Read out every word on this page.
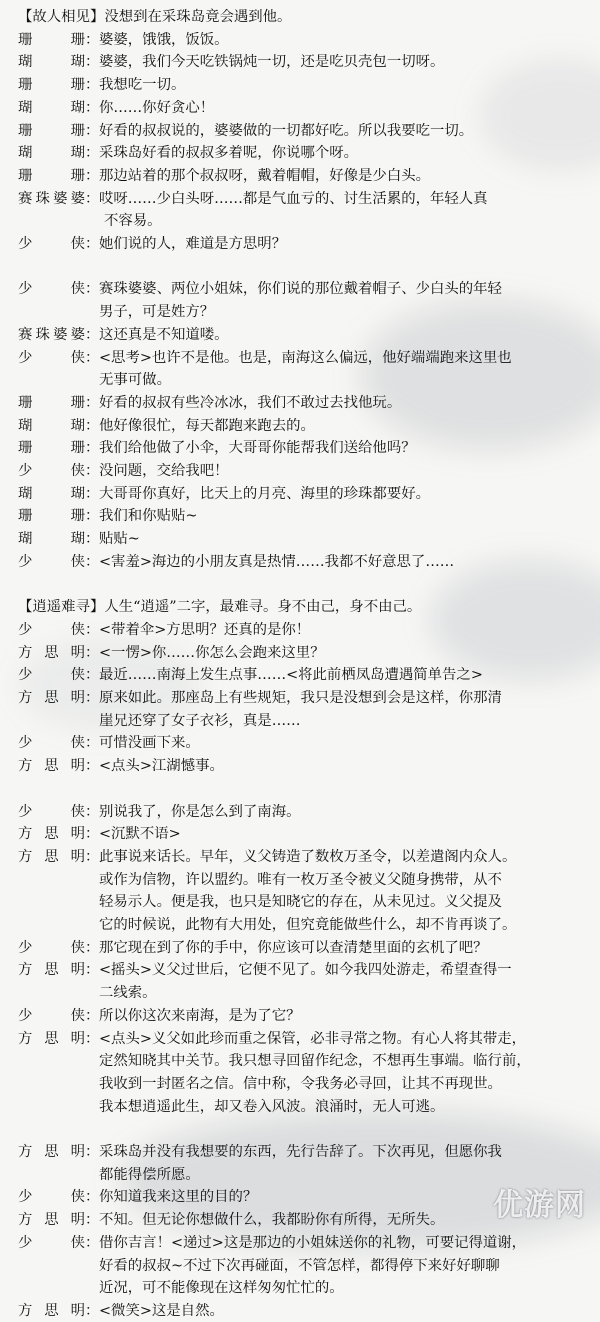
【故人相见】没想到在采珠岛竟会遇到他。
珊　珊：婆婆，饿饿，饭饭。
瑚　瑚：婆婆，我们今天吃铁锅炖一切，还是吃贝壳包一切呀。
珊　珊：我想吃一切。
瑚　瑚：你……你好贪心！
珊　珊：好看的叔叔说的，婆婆做的一切都好吃。所以我要吃一切。
瑚　瑚：采珠岛好看的叔叔多着呢，你说哪个呀。
珊　珊：那边站着的那个叔叔呀，戴着帽帽，好像是少白头。
赛珠婆婆：哎呀……少白头呀……都是气血亏的、讨生活累的，年轻人真
不容易。
少　侠：她们说的人，难道是方思明？
少　侠：赛珠婆婆、两位小姐妹，你们说的那位戴着帽子、少白头的年轻
男子，可是姓方？
赛珠婆婆：这还真是不知道喽。
少　侠：<思考>也许不是他。也是，南海这么偏远，他好端端跑来这里也
无事可做。
珊　珊：好看的叔叔有些冷冰冰，我们不敢过去找他玩。
瑚　瑚：他好像很忙，每天都跑来跑去的。
珊　珊：我们给他做了小伞，大哥哥你能帮我们送给他吗？
少　侠：没问题，交给我吧！
瑚　瑚：大哥哥你真好，比天上的月亮、海里的珍珠都要好。
珊　珊：我们和你贴贴~
瑚　瑚：贴贴~
少　侠：<害羞>海边的小朋友真是热情……我都不好意思了……
【逍遥难寻】人生“逍遥”二字，最难寻。身不由己，身不由己。
少　侠：<带着伞>方思明？还真的是你！
方思明：<一愣>你……你怎么会跑来这里？
少　侠：最近……南海上发生点事……<将此前栖凤岛遭遇简单告之>
方思明：原来如此。那座岛上有些规矩，我只是没想到会是这样，你那清
崖兄还穿了女子衣衫，真是……
少　侠：可惜没画下来。
方思明：<点头>江湖憾事。
少　侠：别说我了，你是怎么到了南海。
方思明：<沉默不语>
方思明：此事说来话长。早年，义父铸造了数枚万圣令，以差遣阁内众人。
或作为信物，许以盟约。唯有一枚万圣令被义父随身携带，从不
轻易示人。便是我，也只是知晓它的存在，从未见过。义父提及
它的时候说，此物有大用处，但究竟能做些什么，却不肯再谈了。
少　侠：那它现在到了你的手中，你应该可以查清楚里面的玄机了吧？
方思明：<摇头>义父过世后，它便不见了。如今我四处游走，希望查得一
二线索。
少　侠：所以你这次来南海，是为了它？
方思明：<点头>义父如此珍而重之保管，必非寻常之物。有心人将其带走，
定然知晓其中关节。我只想寻回留作纪念，不想再生事端。临行前，
我收到一封匿名之信。信中称，令我务必寻回，让其不再现世。
我本想逍遥此生，却又卷入风波。浪涌时，无人可逃。
方思明：采珠岛并没有我想要的东西，先行告辞了。下次再见，但愿你我
都能得偿所愿。
少　侠：你知道我来这里的目的？
方思明：不知。但无论你想做什么，我都盼你有所得，无所失。
少　侠：借你吉言！<递过>这是那边的小姐妹送你的礼物，可要记得道谢，
好看的叔叔~不过下次再碰面，不管怎样，都得停下来好好聊聊
近况，可不能像现在这样匆匆忙忙的。
方思明：<微笑>这是自然。
优游网
